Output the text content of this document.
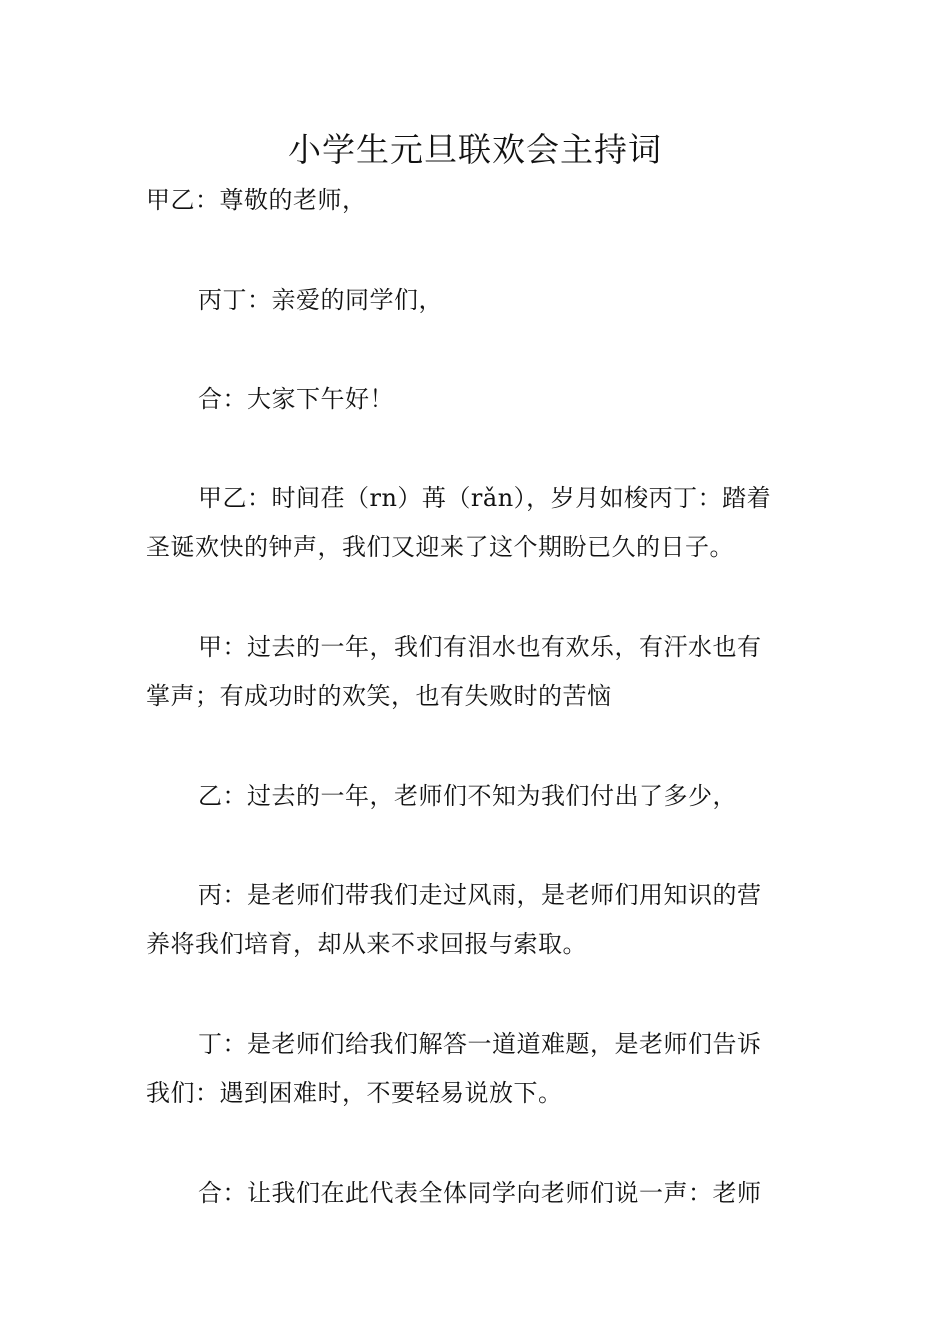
小学生元旦联欢会主持词

甲乙：尊敬的老师，

丙丁：亲爱的同学们，

合：大家下午好！

甲乙：时间荏（rn）苒（rǎn），岁月如梭丙丁：踏着
圣诞欢快的钟声，我们又迎来了这个期盼已久的日子。

甲：过去的一年，我们有泪水也有欢乐，有汗水也有
掌声；有成功时的欢笑，也有失败时的苦恼

乙：过去的一年，老师们不知为我们付出了多少，

丙：是老师们带我们走过风雨，是老师们用知识的营
养将我们培育，却从来不求回报与索取。

丁：是老师们给我们解答一道道难题，是老师们告诉
我们：遇到困难时，不要轻易说放下。

合：让我们在此代表全体同学向老师们说一声：老师
